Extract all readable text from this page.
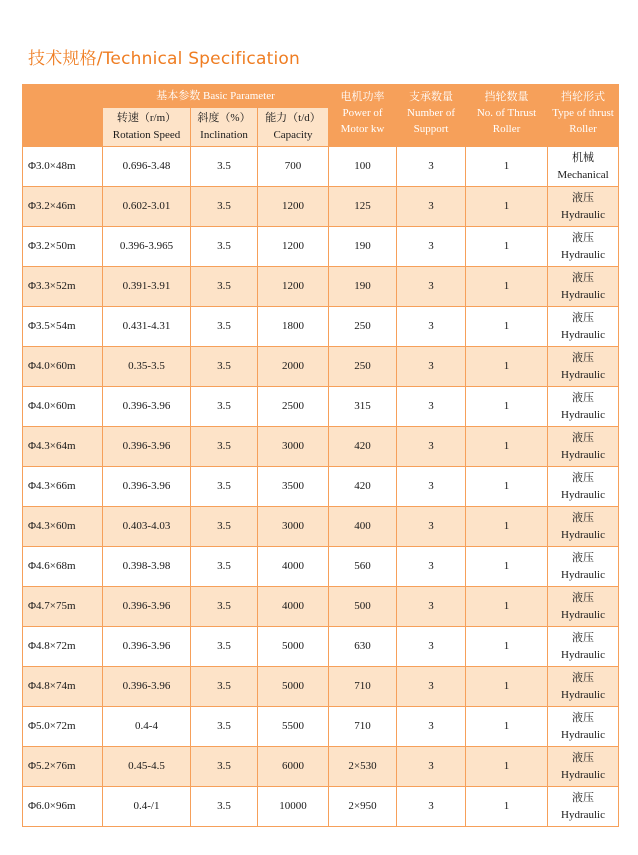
技术规格/Technical Specification
	基本参数 Basic Parameter			电机功率
Power of
Motor kw	支承数量
Number of
Support	挡轮数量
No. of Thrust
Roller	挡轮形式
Type of thrust
Roller

	转速（r/m）
Rotation Speed	斜度（%）
Inclination	能力（t/d）
Capacity				

Φ3.0×48m	0.696-3.48	3.5	700	100	3	1	机械
Mechanical

Φ3.2×46m	0.602-3.01	3.5	1200	125	3	1	液压
Hydraulic

Φ3.2×50m	0.396-3.965	3.5	1200	190	3	1	液压
Hydraulic

Φ3.3×52m	0.391-3.91	3.5	1200	190	3	1	液压
Hydraulic

Φ3.5×54m	0.431-4.31	3.5	1800	250	3	1	液压
Hydraulic

Φ4.0×60m	0.35-3.5	3.5	2000	250	3	1	液压
Hydraulic

Φ4.0×60m	0.396-3.96	3.5	2500	315	3	1	液压
Hydraulic

Φ4.3×64m	0.396-3.96	3.5	3000	420	3	1	液压
Hydraulic

Φ4.3×66m	0.396-3.96	3.5	3500	420	3	1	液压
Hydraulic

Φ4.3×60m	0.403-4.03	3.5	3000	400	3	1	液压
Hydraulic

Φ4.6×68m	0.398-3.98	3.5	4000	560	3	1	液压
Hydraulic

Φ4.7×75m	0.396-3.96	3.5	4000	500	3	1	液压
Hydraulic

Φ4.8×72m	0.396-3.96	3.5	5000	630	3	1	液压
Hydraulic

Φ4.8×74m	0.396-3.96	3.5	5000	710	3	1	液压
Hydraulic

Φ5.0×72m	0.4-4	3.5	5500	710	3	1	液压
Hydraulic

Φ5.2×76m	0.45-4.5	3.5	6000	2×530	3	1	液压
Hydraulic

Φ6.0×96m	0.4-/1	3.5	10000	2×950	3	1	液压
Hydraulic
